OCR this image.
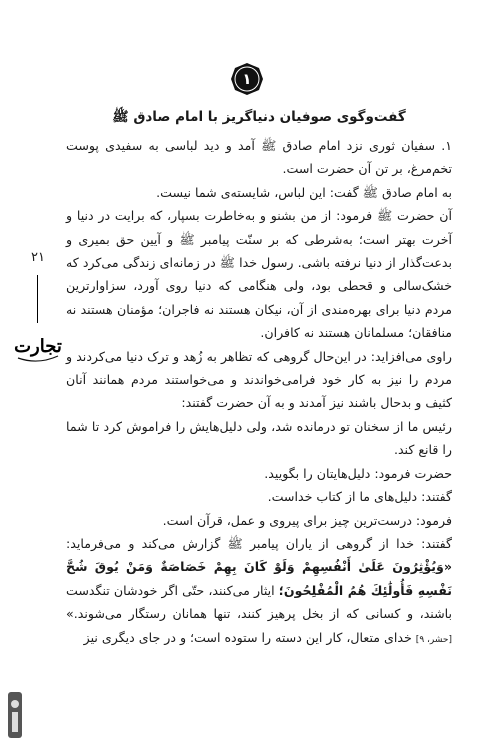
۱
گفت‌وگوی صوفیان دنیاگریز با امام صادق ﷺ

۱. سفیان ثوری نزد امام صادق ﷺ آمد و دید لباسی به سفیدی پوست تخم‌مرغ، بر تن آن حضرت است.

به امام صادق ﷺ گفت: این لباس، شایسته‌ی شما نیست.

آن حضرت ﷺ فرمود: از من بشنو و به‌خاطرت بسپار، که برایت در دنیا و آخرت بهتر است؛ به‌شرطی که بر سنّت پیامبر ﷺ و آیین حق بمیری و بدعت‌گذار از دنیا نرفته باشی. رسول خدا ﷺ در زمانه‌ای زندگی می‌کرد که خشک‌سالی و قحطی بود، ولی هنگامی که دنیا روی آورد، سزاوارترین مردم دنیا برای بهره‌مندی از آن، نیکان هستند نه فاجران؛ مؤمنان هستند نه منافقان؛ مسلمانان هستند نه کافران.

راوی می‌افزاید: در این‌حال گروهی که تظاهر به زُهد و ترک دنیا می‌کردند و مردم را نیز به کار خود فرامی‌خواندند و می‌خواستند مردم همانند آنان کثیف و بدحال باشند نیز آمدند و به آن حضرت گفتند:

رئیس ما از سخنان تو درمانده شد، ولی دلیل‌هایش را فراموش کرد تا شما را قانع کند.

حضرت فرمود: دلیل‌هایتان را بگویید.

گفتند: دلیل‌های ما از کتاب خداست.

فرمود: درست‌ترین چیز برای پیروی و عمل، قرآن است.

گفتند: خدا از گروهی از یاران پیامبر ﷺ گزارش می‌کند و می‌فرماید: «وَيُؤْثِرُونَ عَلَىٰ أَنْفُسِهِمْ وَلَوْ كَانَ بِهِمْ خَصَاصَةٌ وَمَنْ يُوقَ شُحَّ نَفْسِهِ فَأُولَٰئِكَ هُمُ الْمُفْلِحُونَ؛ ایثار می‌کنند، حتّی اگر خودشان تنگدست باشند، و کسانی که از بخل پرهیز کنند، تنها همانان رستگار می‌شوند.» [حشر، ۹] خدای متعال، کار این دسته را ستوده است؛ و در جای دیگری نیز

۲۱
تجارت
